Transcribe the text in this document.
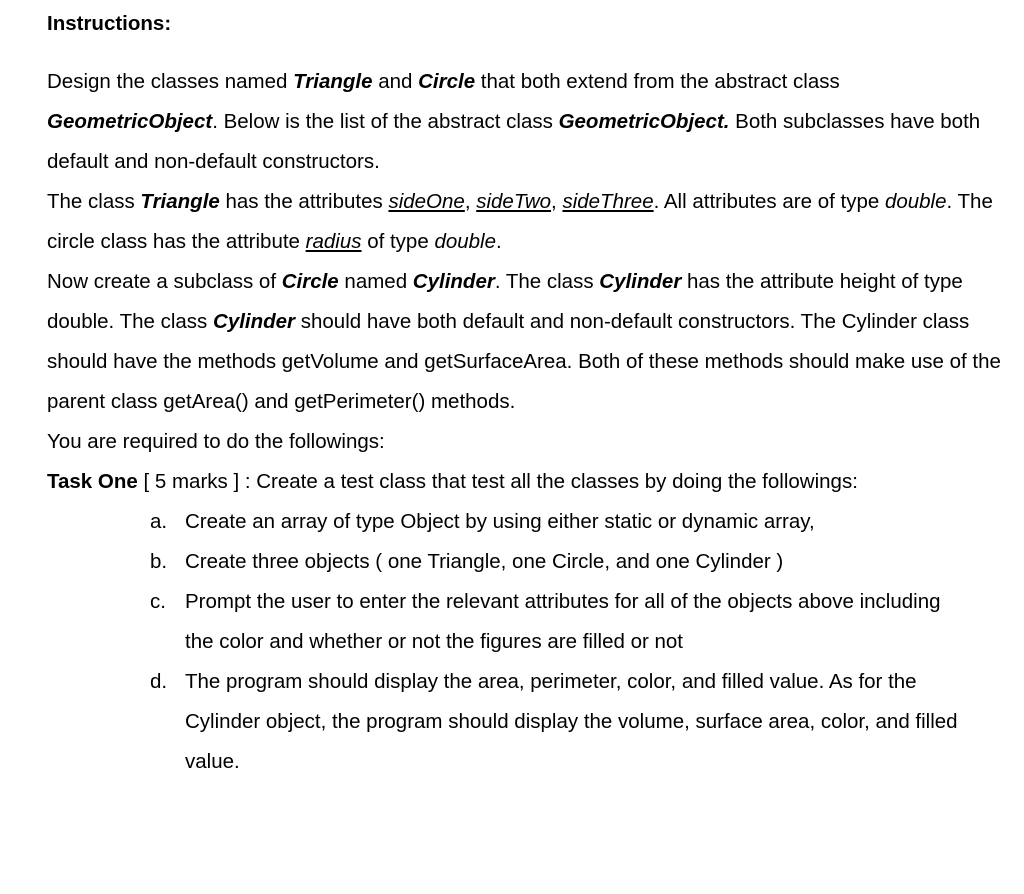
Instructions:

Design the classes named Triangle and Circle that both extend from the abstract class GeometricObject. Below is the list of the abstract class GeometricObject. Both subclasses have both default and non-default constructors.

The class Triangle has the attributes sideOne, sideTwo, sideThree. All attributes are of type double. The circle class has the attribute radius of type double.

Now create a subclass of Circle named Cylinder. The class Cylinder has the attribute height of type double. The class Cylinder should have both default and non-default constructors. The Cylinder class should have the methods getVolume and getSurfaceArea. Both of these methods should make use of the parent class getArea() and getPerimeter() methods.

You are required to do the followings:

Task One [ 5 marks ] : Create a test class that test all the classes by doing the followings:

a. Create an array of type Object by using either static or dynamic array,
b. Create three objects ( one Triangle, one Circle, and one Cylinder )
c. Prompt the user to enter the relevant attributes for all of the objects above including the color and whether or not the figures are filled or not
d. The program should display the area, perimeter, color, and filled value. As for the Cylinder object, the program should display the volume, surface area, color, and filled value.
